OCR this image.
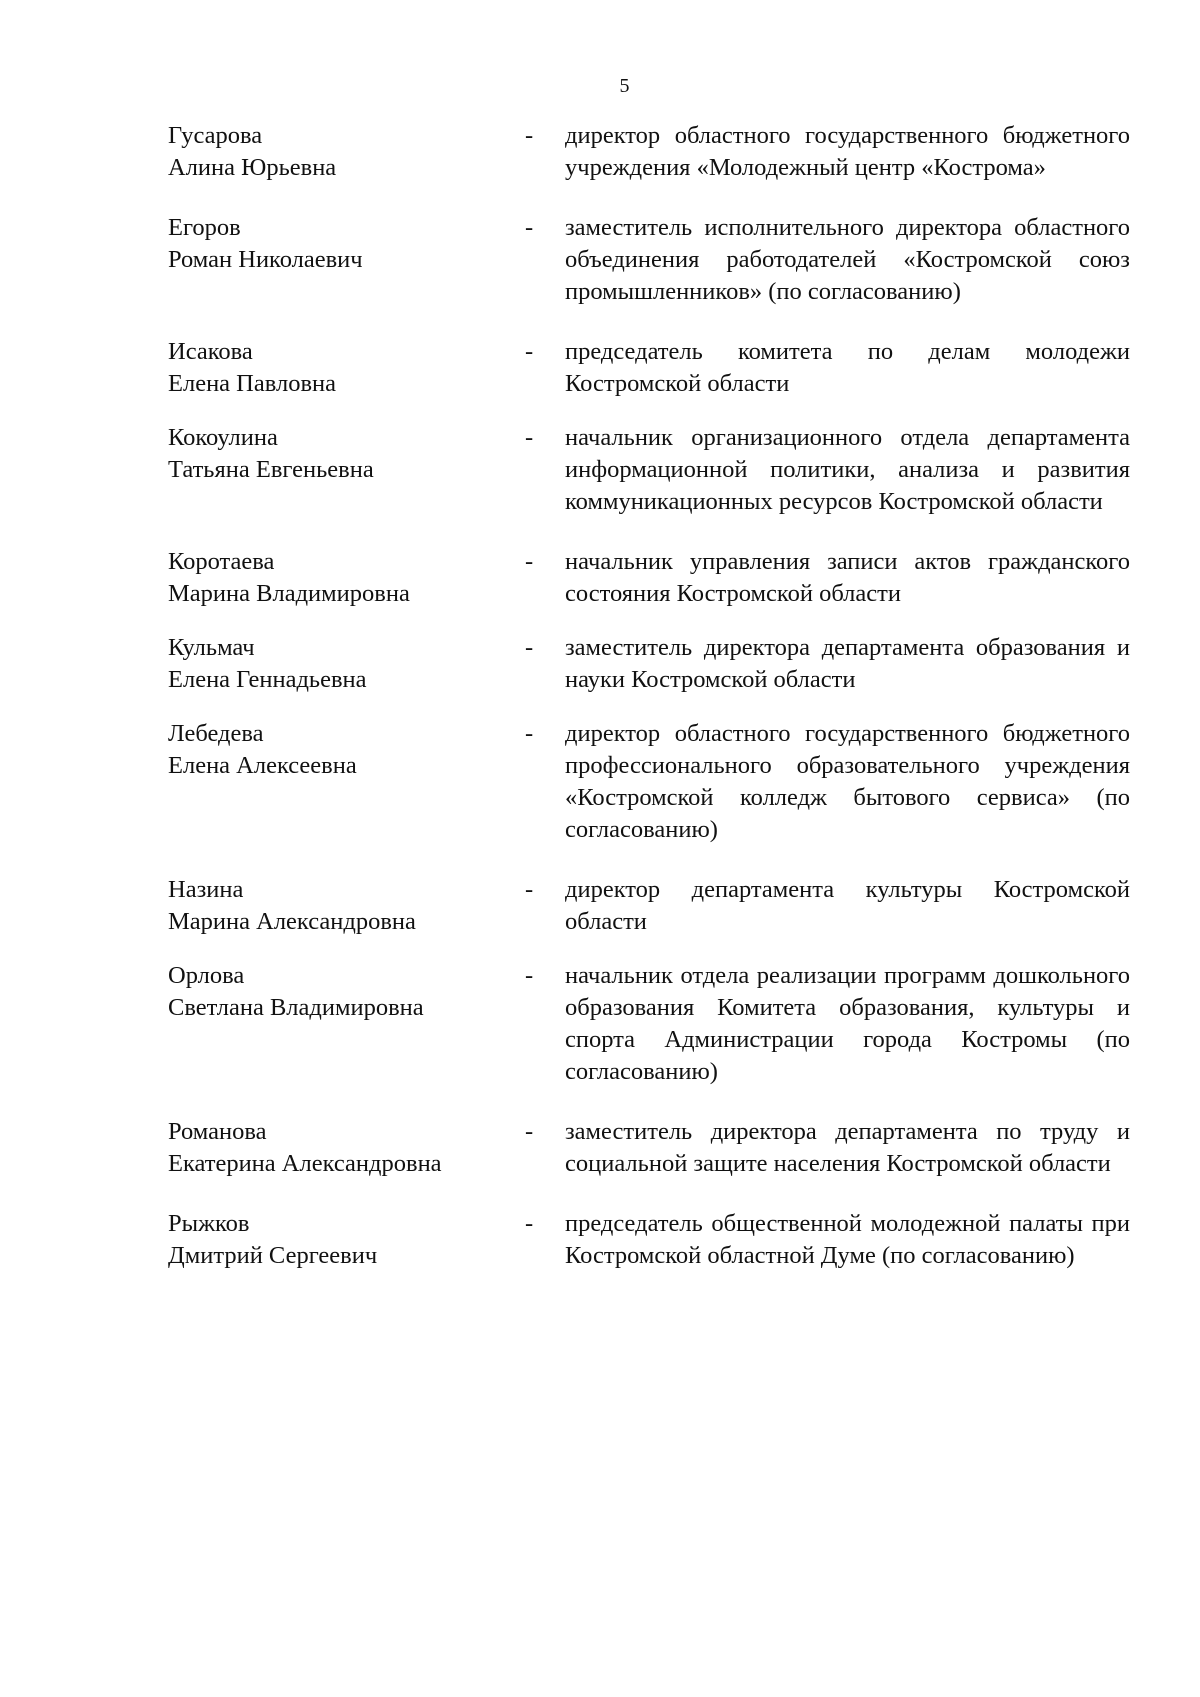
5
Гусарова
Алина Юрьевна
-	директор областного государственного бюджетного учреждения «Молодежный центр «Кострома»
Егоров
Роман Николаевич
-	заместитель исполнительного директора областного объединения работодателей «Костромской союз промышленников» (по согласованию)
Исакова
Елена Павловна
-	председатель комитета по делам молодежи Костромской области
Кокоулина
Татьяна Евгеньевна
-	начальник организационного отдела департамента информационной политики, анализа и развития коммуникационных ресурсов Костромской области
Коротаева
Марина Владимировна
-	начальник управления записи актов гражданского состояния Костромской области
Кульмач
Елена Геннадьевна
-	заместитель директора департамента образования и науки Костромской области
Лебедева
Елена Алексеевна
-	директор областного государственного бюджетного профессионального образовательного учреждения «Костромской колледж бытового сервиса» (по согласованию)
Назина
Марина Александровна
-	директор департамента культуры Костромской области
Орлова
Светлана Владимировна
-	начальник отдела реализации программ дошкольного образования Комитета образования, культуры и спорта Администрации города Костромы (по согласованию)
Романова
Екатерина Александровна
-	заместитель директора департамента по труду и социальной защите населения Костромской области
Рыжков
Дмитрий Сергеевич
-	председатель общественной молодежной палаты при Костромской областной Думе (по согласованию)
